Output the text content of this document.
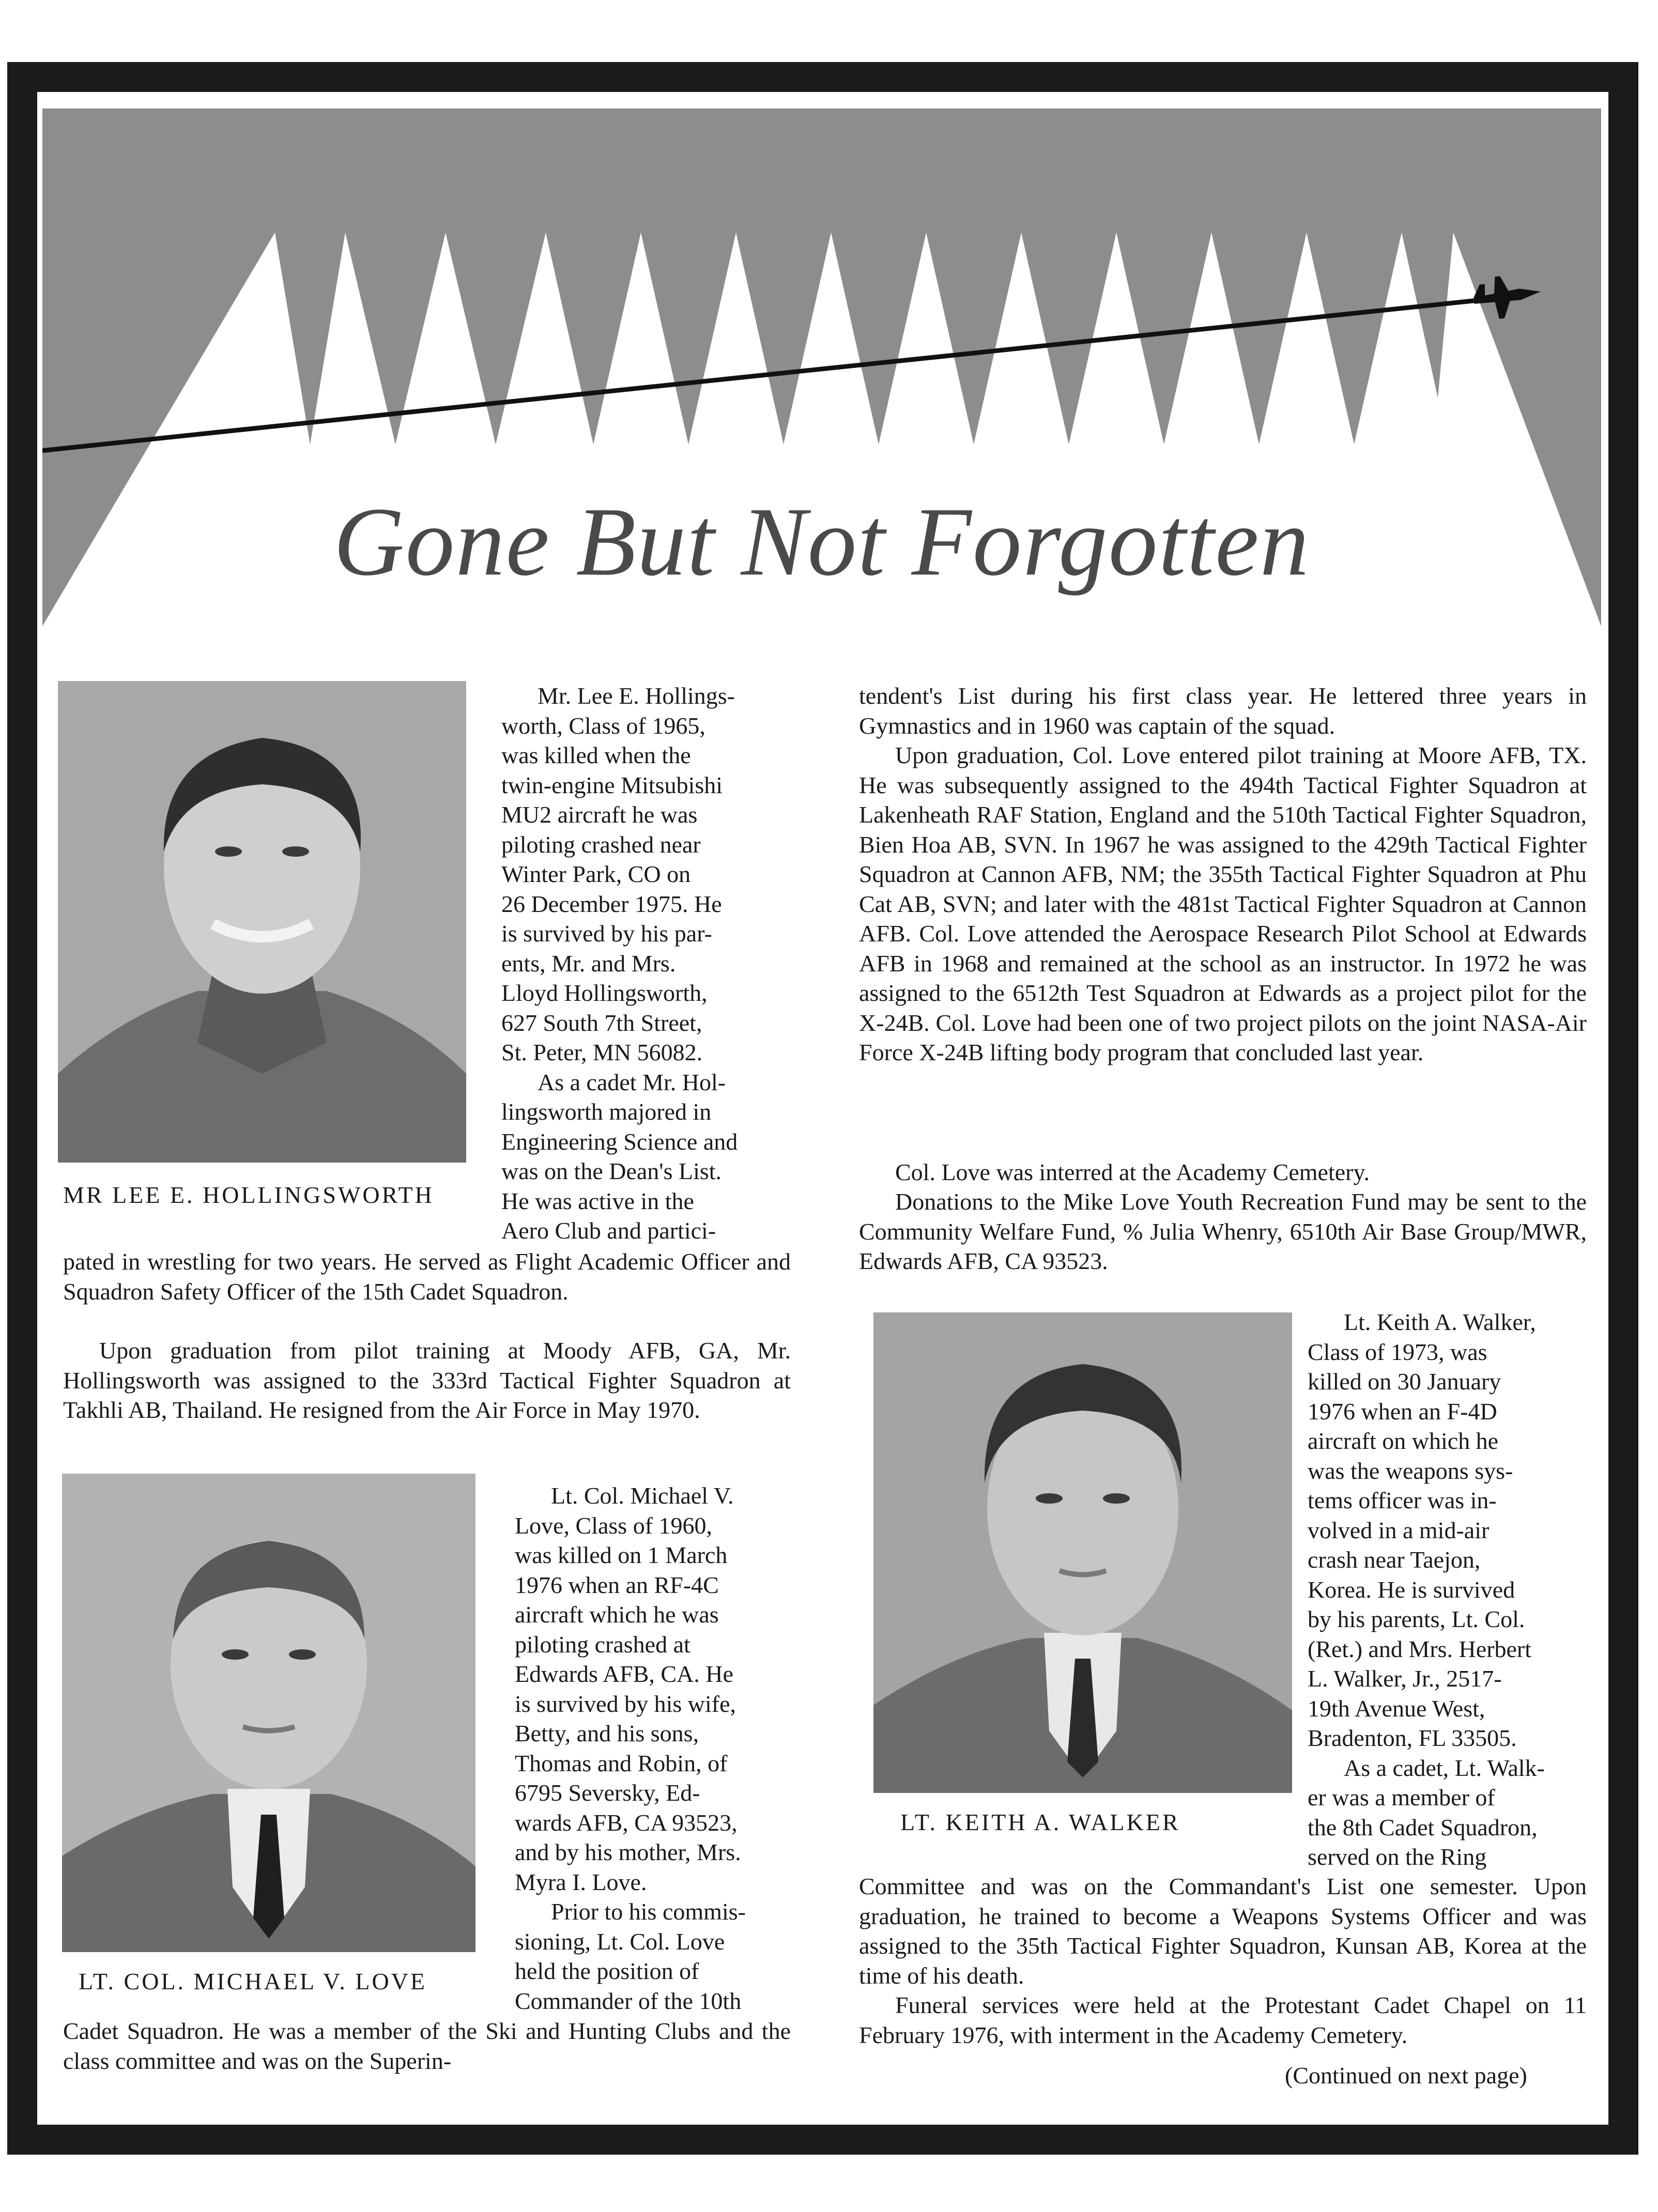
Gone But Not Forgotten
MR LEE E. HOLLINGSWORTH

Mr. Lee E. Hollings-

worth, Class of 1965,

was killed when the

twin-engine Mitsubishi

MU2 aircraft he was

piloting crashed near

Winter Park, CO on

26 December 1975. He

is survived by his par-

ents, Mr. and Mrs.

Lloyd Hollingsworth,

627 South 7th Street,

St. Peter, MN 56082.

As a cadet Mr. Hol-

lingsworth majored in

Engineering Science and

was on the Dean's List.

He was active in the

Aero Club and partici-

pated in wrestling for two years. He served as Flight Academic Officer and Squadron Safety Officer of the 15th Cadet Squadron.
Upon graduation from pilot training at Moody AFB, GA, Mr. Hollingsworth was assigned to the 333rd Tactical Fighter Squadron at Takhli AB, Thailand. He resigned from the Air Force in May 1970.
LT. COL. MICHAEL V. LOVE

Lt. Col. Michael V.

Love, Class of 1960,

was killed on 1 March

1976 when an RF-4C

aircraft which he was

piloting crashed at

Edwards AFB, CA. He

is survived by his wife,

Betty, and his sons,

Thomas and Robin, of

6795 Seversky, Ed-

wards AFB, CA 93523,

and by his mother, Mrs.

Myra I. Love.

Prior to his commis-

sioning, Lt. Col. Love

held the position of

Commander of the 10th

Cadet Squadron. He was a member of the Ski and Hunting Clubs and the class committee and was on the Superin-
tendent's List during his first class year. He lettered three years in Gymnastics and in 1960 was captain of the squad.
Upon graduation, Col. Love entered pilot training at Moore AFB, TX. He was subsequently assigned to the 494th Tactical Fighter Squadron at Lakenheath RAF Station, England and the 510th Tactical Fighter Squadron, Bien Hoa AB, SVN. In 1967 he was assigned to the 429th Tactical Fighter Squadron at Cannon AFB, NM; the 355th Tactical Fighter Squadron at Phu Cat AB, SVN; and later with the 481st Tactical Fighter Squadron at Cannon AFB. Col. Love attended the Aerospace Research Pilot School at Edwards AFB in 1968 and remained at the school as an instructor. In 1972 he was assigned to the 6512th Test Squadron at Edwards as a project pilot for the X-24B. Col. Love had been one of two project pilots on the joint NASA-Air Force X-24B lifting body program that concluded last year.
Col. Love was interred at the Academy Cemetery.
Donations to the Mike Love Youth Recreation Fund may be sent to the Community Welfare Fund, % Julia Whenry, 6510th Air Base Group/MWR, Edwards AFB, CA 93523.
LT. KEITH A. WALKER

Lt. Keith A. Walker,

Class of 1973, was

killed on 30 January

1976 when an F-4D

aircraft on which he

was the weapons sys-

tems officer was in-

volved in a mid-air

crash near Taejon,

Korea. He is survived

by his parents, Lt. Col.

(Ret.) and Mrs. Herbert

L. Walker, Jr., 2517-

19th Avenue West,

Bradenton, FL 33505.

As a cadet, Lt. Walk-

er was a member of

the 8th Cadet Squadron,

served on the Ring

Committee and was on the Commandant's List one semester. Upon graduation, he trained to become a Weapons Systems Officer and was assigned to the 35th Tactical Fighter Squadron, Kunsan AB, Korea at the time of his death.
Funeral services were held at the Protestant Cadet Chapel on 11 February 1976, with interment in the Academy Cemetery.
(Continued on next page)
